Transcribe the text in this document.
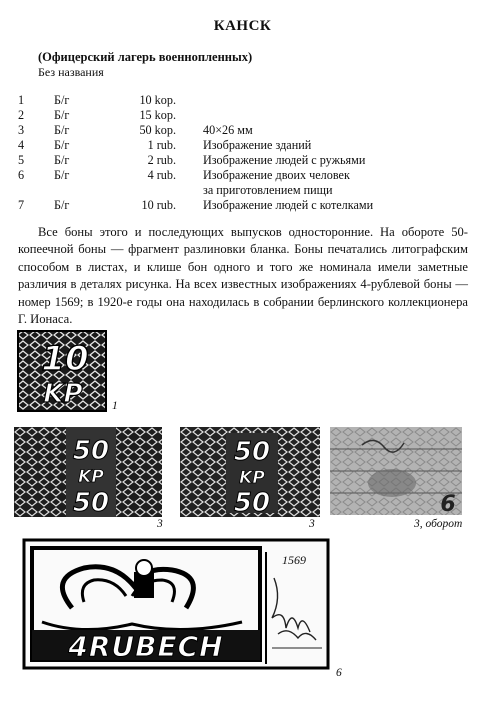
КАНСК
(Офицерский лагерь военнопленных)
Без названия
1 Б/г	10 kop.
2 Б/г	15 kop.
3 Б/г	50 kop. 40×26 мм
4 Б/г	1 rub. Изображение зданий
5 Б/г	2 rub. Изображение людей с ружьями
6 Б/г	4 rub. Изображение двоих человек
за приготовлением пищи
7 Б/г	10 rub. Изображение людей с котелками

Все боны этого и последующих выпусков односторонние. На обороте 50-копеечной боны — фрагмент разлиновки бланка. Боны печатались литографским способом в листах, и клише бон одного и того же номинала имели заметные различия в деталях рисунка. На всех известных изображениях 4-рублевой боны — номер 1569; в 1920-е годы она находилась в собрании берлинского коллекционера Г. Ионаса.

10
KP	1
50
KP
50
3
50
KP
50
3
6
3, оборот
4RUBECH
1569
6
